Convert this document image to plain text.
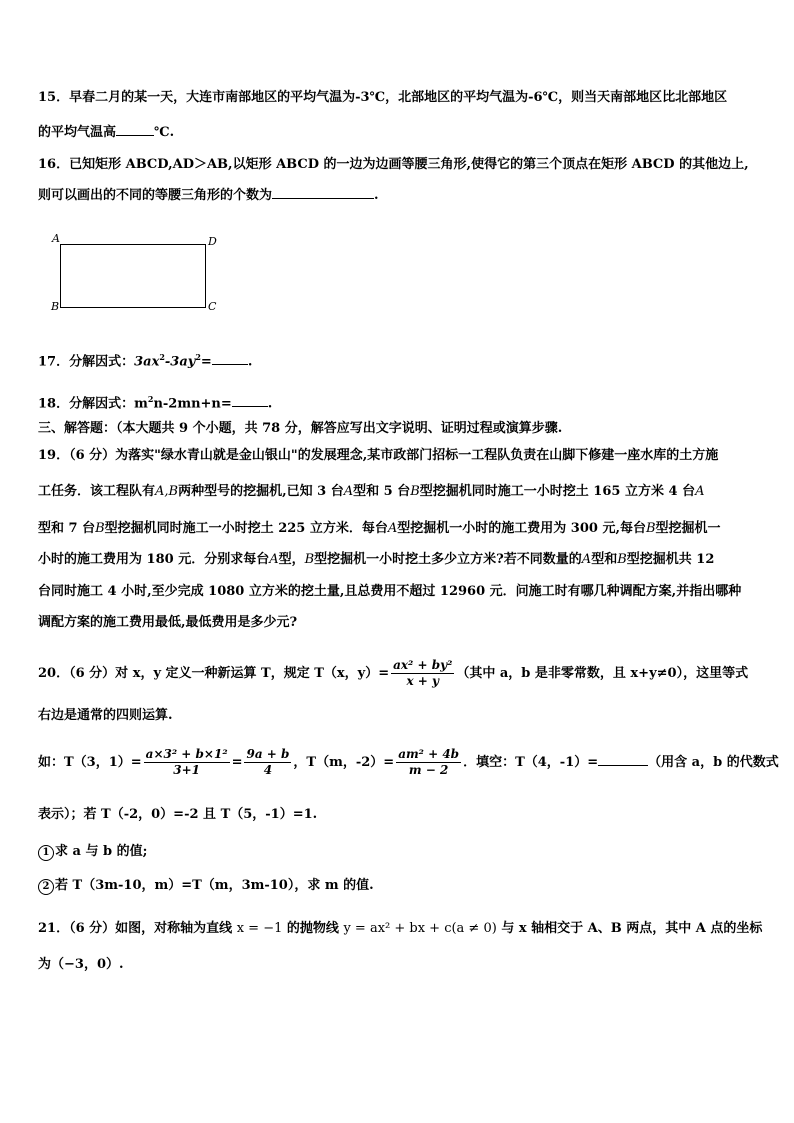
15．早春二月的某一天，大连市南部地区的平均气温为-3℃，北部地区的平均气温为-6℃，则当天南部地区比北部地区
的平均气温高	℃.
16．已知矩形 ABCD,AD＞AB,以矩形 ABCD 的一边为边画等腰三角形,使得它的第三个顶点在矩形 ABCD 的其他边上,
则可以画出的不同的等腰三角形的个数为	.
A	D
B	C
17．分解因式：$3ax^2-3ay^2=$	.
18．分解因式：$m^2n-2mn+n=$	.
三、解答题：（本大题共 9 个小题，共 78 分，解答应写出文字说明、证明过程或演算步骤.
19．（6 分）为落实"绿水青山就是金山银山"的发展理念,某市政部门招标一工程队负责在山脚下修建一座水库的土方施
工任务．该工程队有A,B两种型号的挖掘机,已知 3 台A型和 5 台B型挖掘机同时施工一小时挖土 165 立方米 4 台A
型和 7 台B型挖掘机同时施工一小时挖土 225 立方米．每台A型挖掘机一小时的施工费用为 300 元,每台B型挖掘机一
小时的施工费用为 180 元．分别求每台A型，B型挖掘机一小时挖土多少立方米?若不同数量的A型和B型挖掘机共 12
台同时施工 4 小时,至少完成 1080 立方米的挖土量,且总费用不超过 12960 元．问施工时有哪几种调配方案,并指出哪种
调配方案的施工费用最低,最低费用是多少元?
20．（6 分）对 x，y 定义一种新运算 T，规定 T（x，$y)= \frac{\text{ax² + by²}}{x + y}$ （其中 a，b 是非零常数，且 x+y≠0），这里等式
右边是通常的四则运算.
如：T（3，$1)= \frac{\text{a×3² + b×1²}}{3+1} = \frac{9a + b}{4}$ ，T（m，$-2)= \frac{\text{am² + 4b}}{m - 2}$ ．填空：T（4，-1）=	（用含 a，b 的代数式
表示）；若 T（-2，0）=-2 且 T（5，-1）=1.
1 求 a 与 b 的值;
2 若 T（3m-10，m）=T（m，3m-10），求 m 的值.
21．（6 分）如图，对称轴为直线 x = −1 的抛物线 y = ax² + bx + c(a ≠ 0) 与 x 轴相交于 A、B 两点，其中 A 点的坐标
为（−3，0）.
